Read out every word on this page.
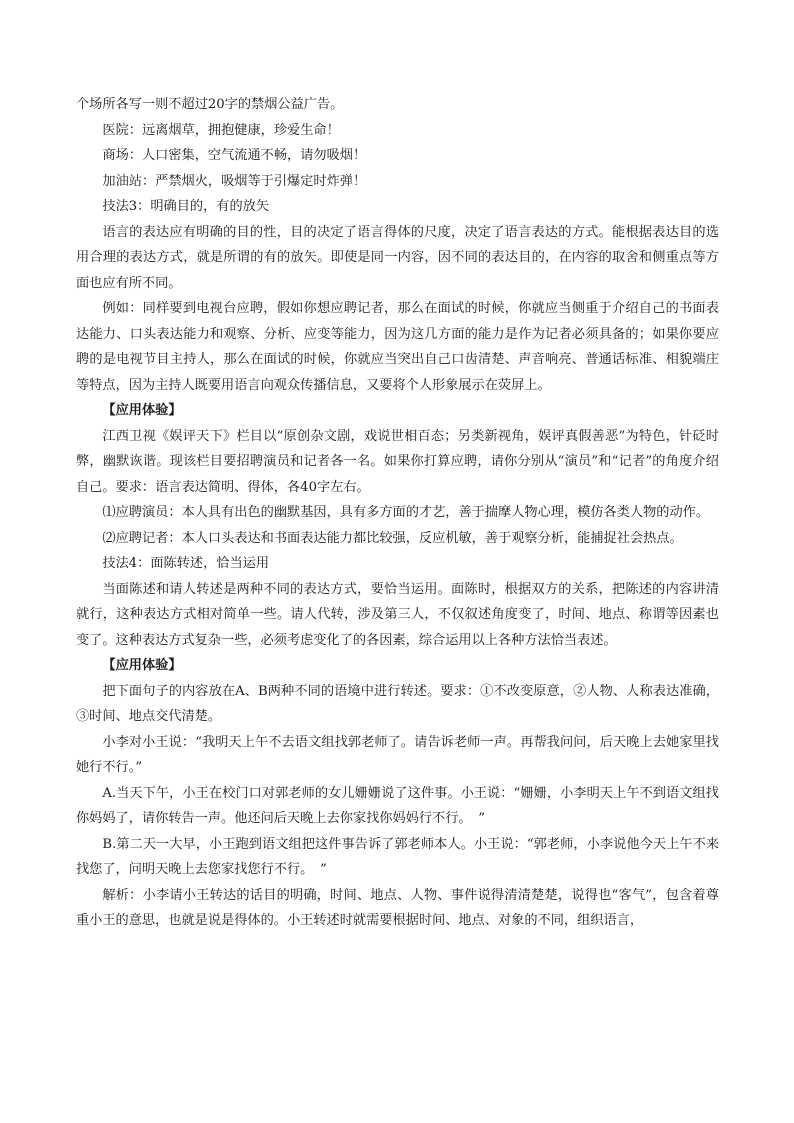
个场所各写一则不超过20字的禁烟公益广告。

医院：远离烟草，拥抱健康，珍爱生命！

商场：人口密集，空气流通不畅，请勿吸烟！

加油站：严禁烟火，吸烟等于引爆定时炸弹！

技法3：明确目的，有的放矢

语言的表达应有明确的目的性，目的决定了语言得体的尺度，决定了语言表达的方式。能根据表达目的选用合理的表达方式，就是所谓的有的放矢。即使是同一内容，因不同的表达目的，在内容的取舍和侧重点等方面也应有所不同。

例如：同样要到电视台应聘，假如你想应聘记者，那么在面试的时候，你就应当侧重于介绍自己的书面表达能力、口头表达能力和观察、分析、应变等能力，因为这几方面的能力是作为记者必须具备的；如果你要应聘的是电视节目主持人，那么在面试的时候，你就应当突出自己口齿清楚、声音响亮、普通话标准、相貌端庄等特点，因为主持人既要用语言向观众传播信息，又要将个人形象展示在荧屏上。

【应用体验】

江西卫视《娱评天下》栏目以“原创杂文剧，戏说世相百态；另类新视角，娱评真假善恶”为特色，针砭时弊，幽默诙谐。现该栏目要招聘演员和记者各一名。如果你打算应聘，请你分别从“演员”和“记者”的角度介绍自己。要求：语言表达简明、得体，各40字左右。

⑴应聘演员：本人具有出色的幽默基因，具有多方面的才艺，善于揣摩人物心理，模仿各类人物的动作。

⑵应聘记者：本人口头表达和书面表达能力都比较强，反应机敏，善于观察分析，能捕捉社会热点。

技法4：面陈转述，恰当运用

当面陈述和请人转述是两种不同的表达方式，要恰当运用。面陈时，根据双方的关系，把陈述的内容讲清就行，这种表达方式相对简单一些。请人代转，涉及第三人，不仅叙述角度变了，时间、地点、称谓等因素也变了。这种表达方式复杂一些，必须考虑变化了的各因素，综合运用以上各种方法恰当表述。

【应用体验】

把下面句子的内容放在A、B两种不同的语境中进行转述。要求：①不改变原意，②人物、人称表达准确，③时间、地点交代清楚。

小李对小王说：“我明天上午不去语文组找郭老师了。请告诉老师一声。再帮我问问，后天晚上去她家里找她行不行。”

A.当天下午，小王在校门口对郭老师的女儿姗姗说了这件事。小王说：“姗姗，小李明天上午不到语文组找你妈妈了，请你转告一声。他还问后天晚上去你家找你妈妈行不行。　”

B.第二天一大早，小王跑到语文组把这件事告诉了郭老师本人。小王说：“郭老师，小李说他今天上午不来找您了，问明天晚上去您家找您行不行。　”

解析：小李请小王转达的话目的明确，时间、地点、人物、事件说得清清楚楚，说得也“客气”，包含着尊重小王的意思，也就是说是得体的。小王转述时就需要根据时间、地点、对象的不同，组织语言，
